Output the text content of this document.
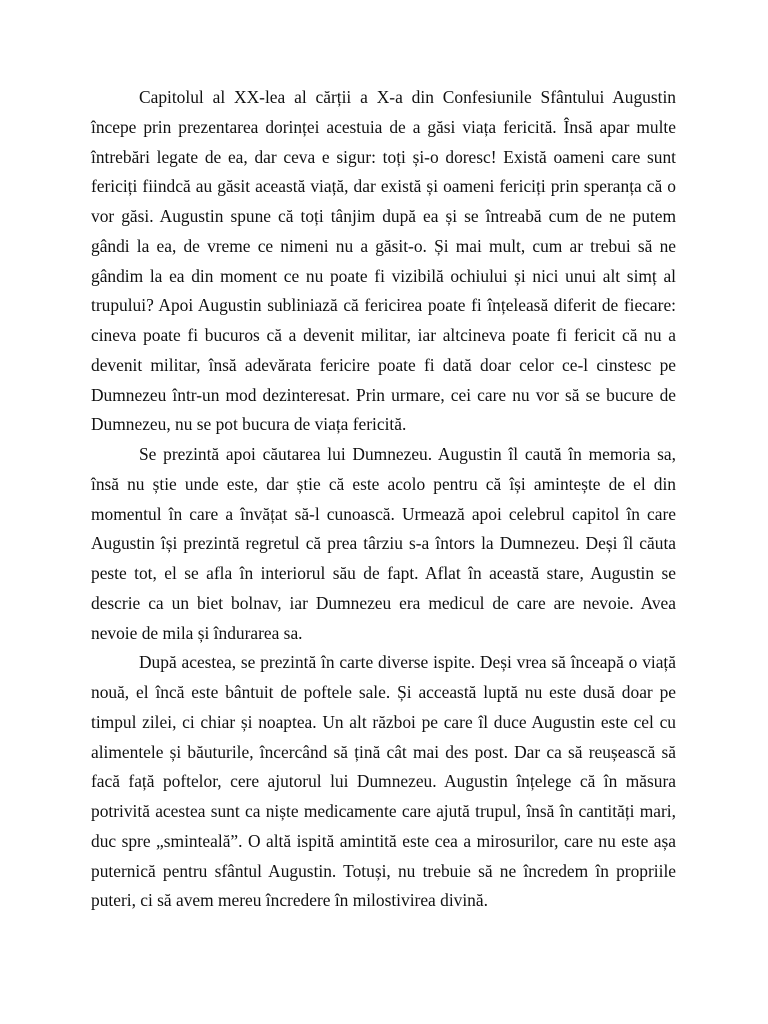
Capitolul al XX-lea al cărții a X-a din Confesiunile Sfântului Augustin începe prin prezentarea dorinței acestuia de a găsi viața fericită. Însă apar multe întrebări legate de ea, dar ceva e sigur: toți și-o doresc! Există oameni care sunt fericiți fiindcă au găsit această viață, dar există și oameni fericiți prin speranța că o vor găsi. Augustin spune că toți tânjim după ea și se întreabă cum de ne putem gândi la ea, de vreme ce nimeni nu a găsit-o. Și mai mult, cum ar trebui să ne gândim la ea din moment ce nu poate fi vizibilă ochiului și nici unui alt simț al trupului? Apoi Augustin subliniază că fericirea poate fi înțeleasă diferit de fiecare: cineva poate fi bucuros că a devenit militar, iar altcineva poate fi fericit că nu a devenit militar, însă adevărata fericire poate fi dată doar celor ce-l cinstesc pe Dumnezeu într-un mod dezinteresat. Prin urmare, cei care nu vor să se bucure de Dumnezeu, nu se pot bucura de viața fericită.

Se prezintă apoi căutarea lui Dumnezeu. Augustin îl caută în memoria sa, însă nu știe unde este, dar știe că este acolo pentru că își amintește de el din momentul în care a învățat să-l cunoască. Urmează apoi celebrul capitol în care Augustin își prezintă regretul că prea târziu s-a întors la Dumnezeu. Deși îl căuta peste tot, el se afla în interiorul său de fapt. Aflat în această stare, Augustin se descrie ca un biet bolnav, iar Dumnezeu era medicul de care are nevoie. Avea nevoie de mila și îndurarea sa.

După acestea, se prezintă în carte diverse ispite. Deși vrea să înceapă o viață nouă, el încă este bântuit de poftele sale. Și acceastă luptă nu este dusă doar pe timpul zilei, ci chiar și noaptea. Un alt război pe care îl duce Augustin este cel cu alimentele și băuturile, încercând să țină cât mai des post. Dar ca să reușească să facă față poftelor, cere ajutorul lui Dumnezeu. Augustin înțelege că în măsura potrivită acestea sunt ca niște medicamente care ajută trupul, însă în cantități mari, duc spre „sminteală”. O altă ispită amintită este cea a mirosurilor, care nu este așa puternică pentru sfântul Augustin. Totuși, nu trebuie să ne încredem în propriile puteri, ci să avem mereu încredere în milostivirea divină.
